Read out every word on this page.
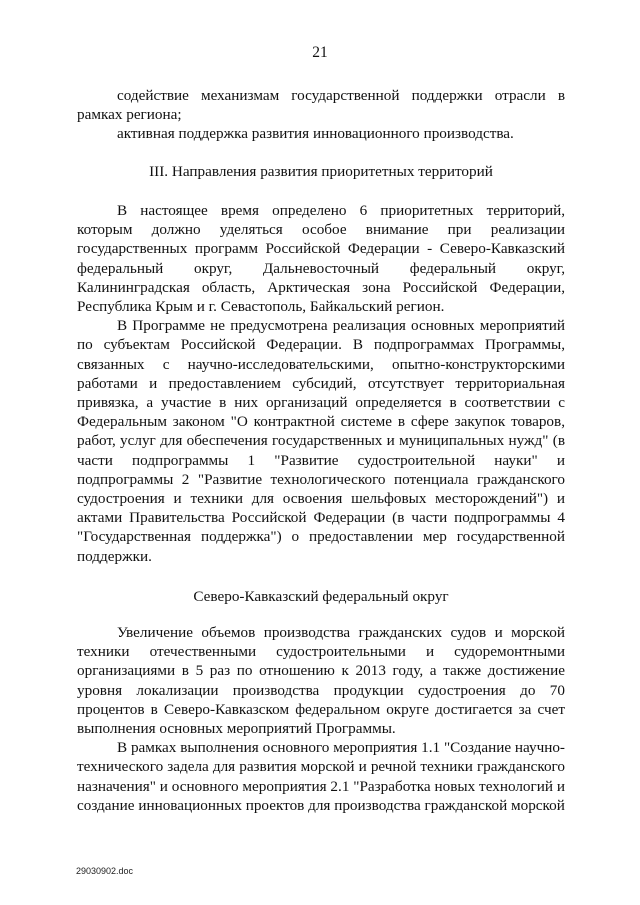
21

содействие механизмам государственной поддержки отрасли в рамках региона;

активная поддержка развития инновационного производства.

III. Направления развития приоритетных территорий

В настоящее время определено 6 приоритетных территорий, которым должно уделяться особое внимание при реализации государственных программ Российской Федерации - Северо-Кавказский федеральный округ, Дальневосточный федеральный округ, Калининградская область, Арктическая зона Российской Федерации, Республика Крым и г. Севастополь, Байкальский регион.

В Программе не предусмотрена реализация основных мероприятий по субъектам Российской Федерации. В подпрограммах Программы, связанных с научно-исследовательскими, опытно-конструкторскими работами и предоставлением субсидий, отсутствует территориальная привязка, а участие в них организаций определяется в соответствии с Федеральным законом "О контрактной системе в сфере закупок товаров, работ, услуг для обеспечения государственных и муниципальных нужд" (в части подпрограммы 1 "Развитие судостроительной науки" и подпрограммы 2 "Развитие технологического потенциала гражданского судостроения и техники для освоения шельфовых месторождений") и актами Правительства Российской Федерации (в части подпрограммы 4 "Государственная поддержка") о предоставлении мер государственной поддержки.

Северо-Кавказский федеральный округ

Увеличение объемов производства гражданских судов и морской техники отечественными судостроительными и судоремонтными организациями в 5 раз по отношению к 2013 году, а также достижение уровня локализации производства продукции судостроения до 70 процентов в Северо-Кавказском федеральном округе достигается за счет выполнения основных мероприятий Программы.

В рамках выполнения основного мероприятия 1.1 "Создание научно-технического задела для развития морской и речной техники гражданского назначения" и основного мероприятия 2.1 "Разработка новых технологий и создание инновационных проектов для производства гражданской морской

29030902.doc
